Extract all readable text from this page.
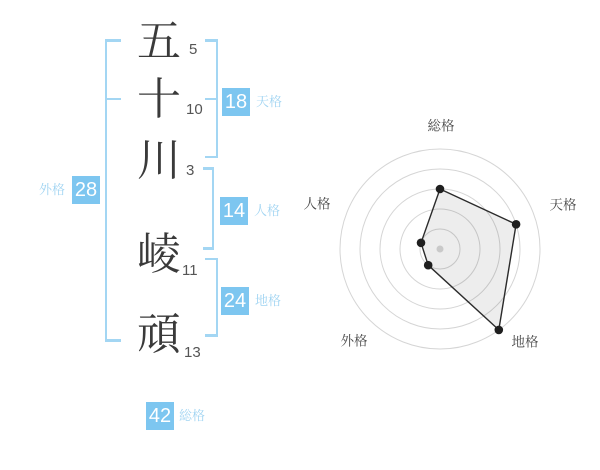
五
十
川
崚
頑
5
10
3
11
13
18 天格
14 人格
24 地格
外格 28
42 総格
総格
天格
地格
外格
人格
